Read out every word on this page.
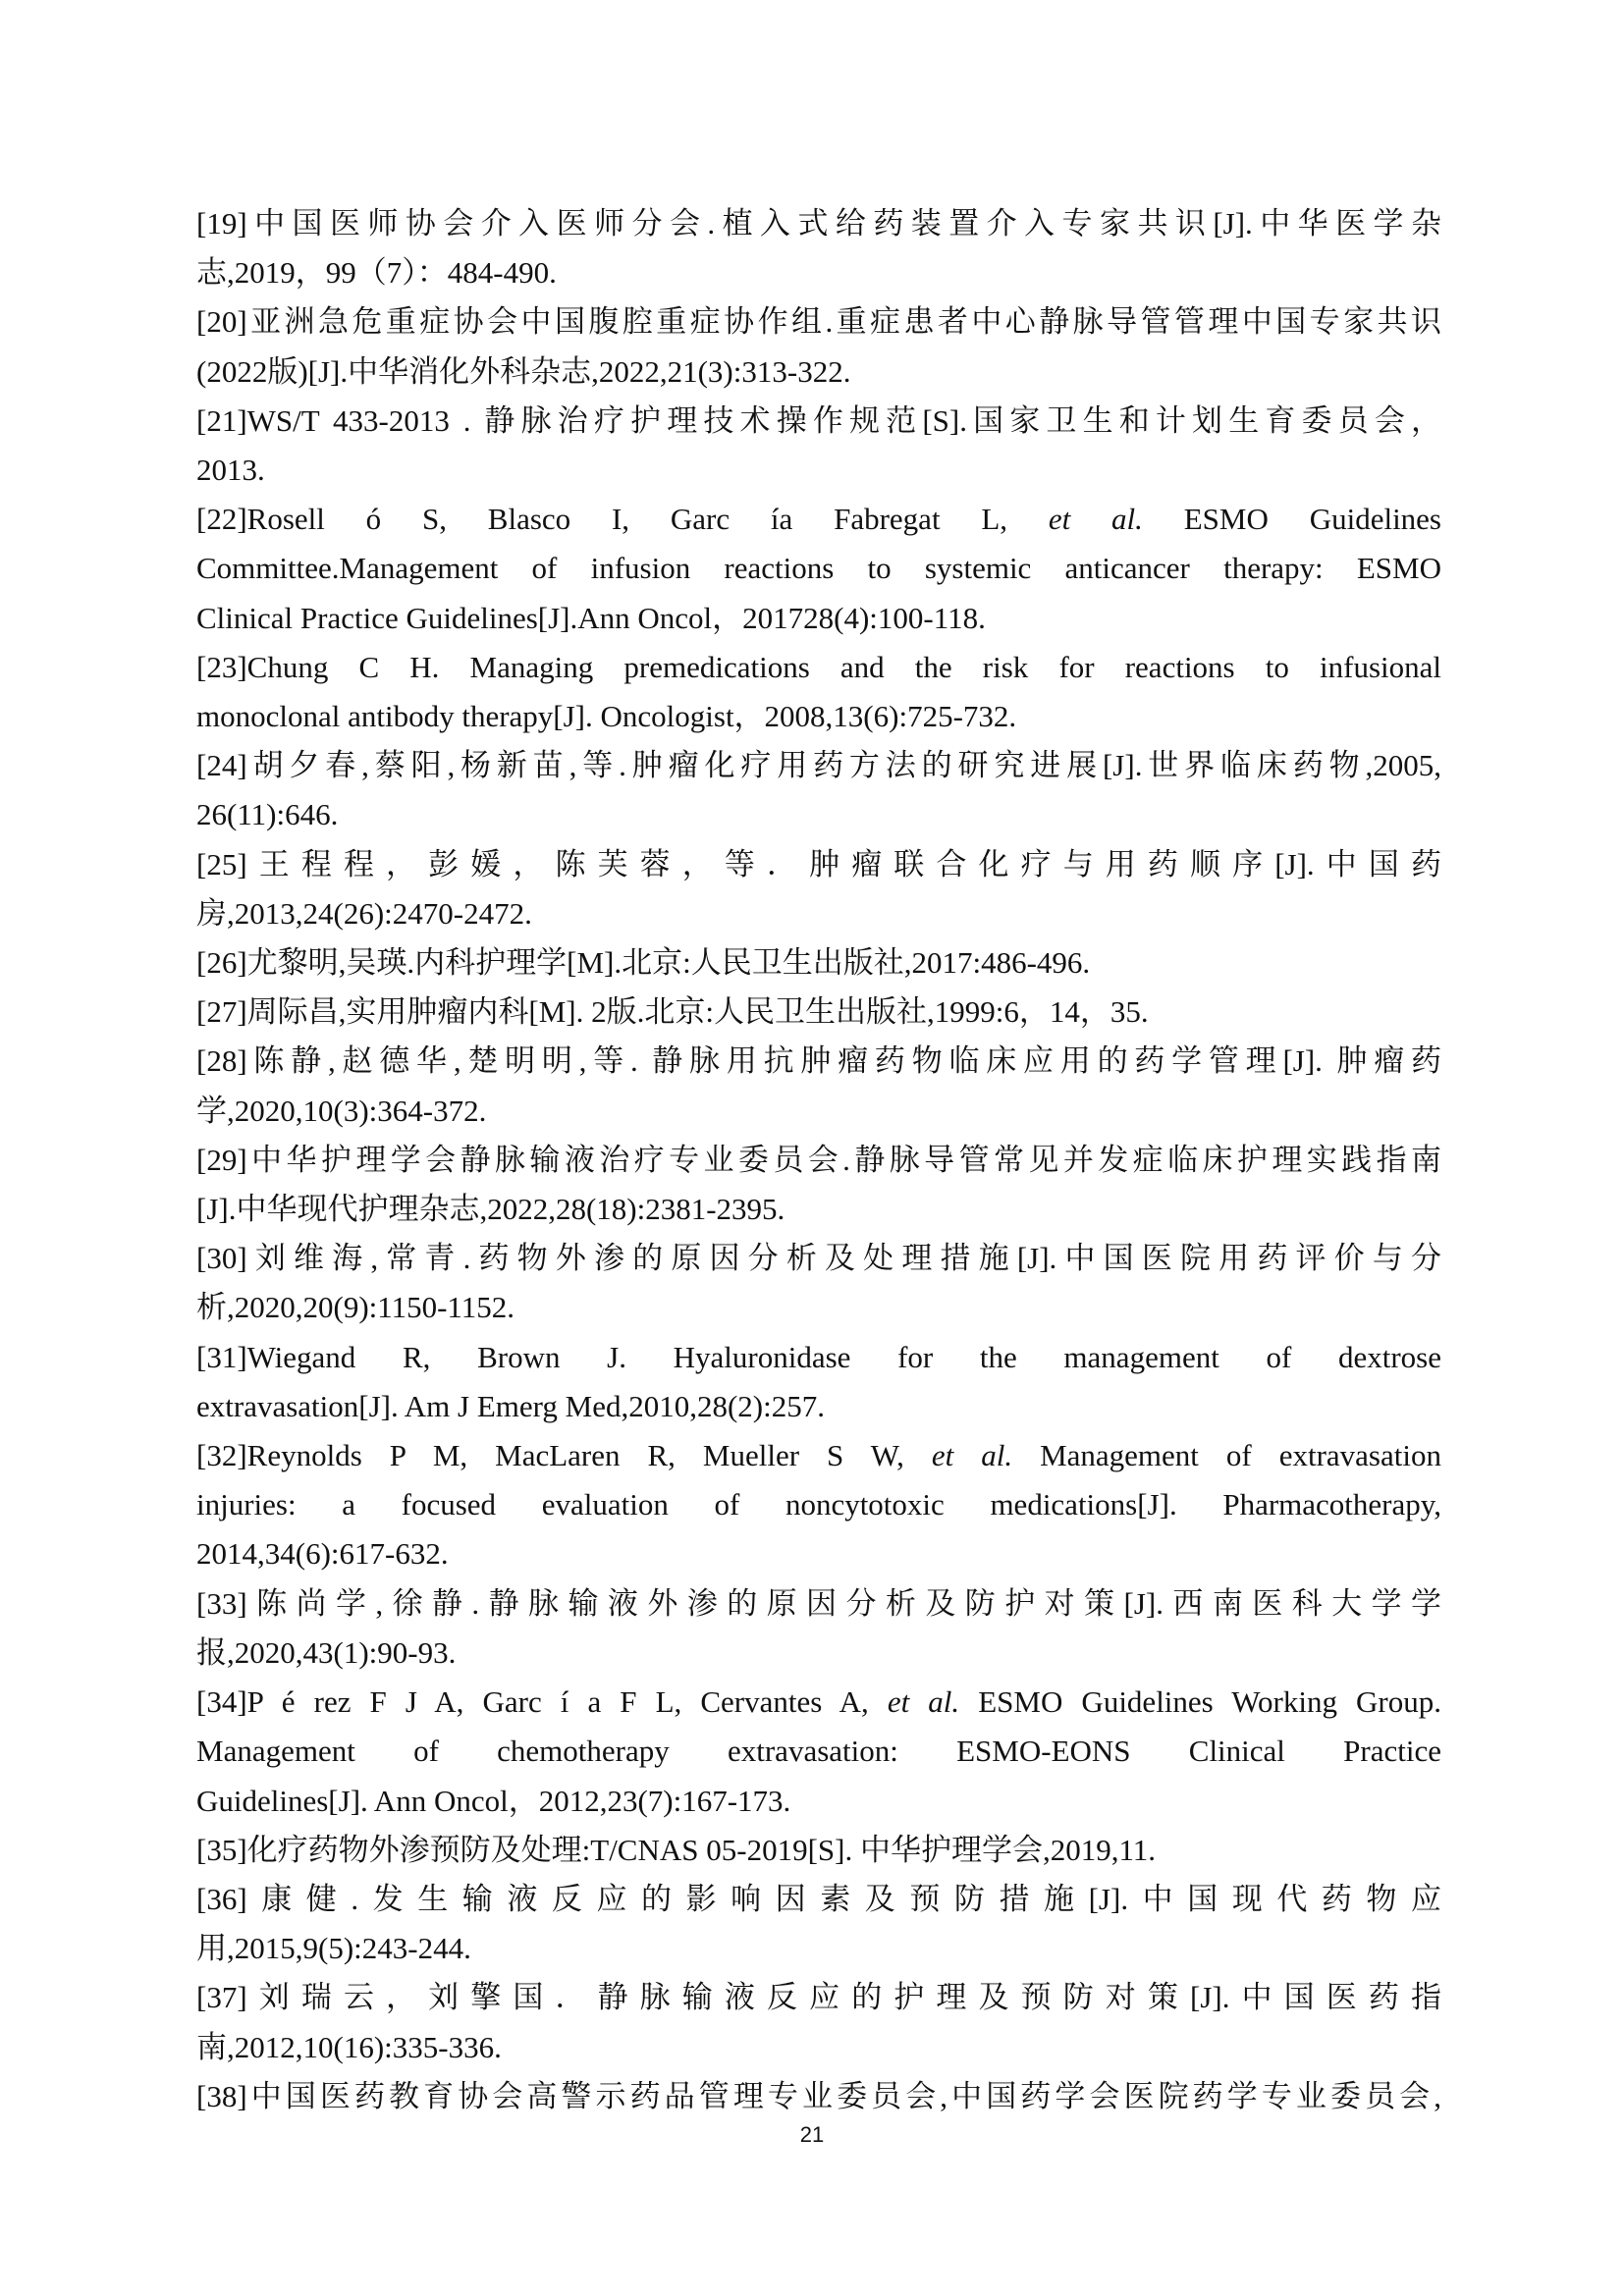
[19]中国医师协会介入医师分会.植入式给药装置介入专家共识[J].中华医学杂
志,2019，99（7）：484-490.
[20]亚洲急危重症协会中国腹腔重症协作组.重症患者中心静脉导管管理中国专家共识
(2022版)[J].中华消化外科杂志,2022,21(3):313-322.
[21]WS/T 433-2013 . 静脉治疗护理技术操作规范[S].国家卫生和计划生育委员会，
2013.
[22]Rosell ó S, Blasco I, Garc ía Fabregat L, et al. ESMO Guidelines
Committee.Management of infusion reactions to systemic anticancer therapy: ESMO
Clinical Practice Guidelines[J].Ann Oncol，201728(4):100-118.
[23]Chung C H. Managing premedications and the risk for reactions to infusional
monoclonal antibody therapy[J]. Oncologist，2008,13(6):725-732.
[24]胡夕春,蔡阳,杨新苗,等.肿瘤化疗用药方法的研究进展[J].世界临床药物,2005,
26(11):646.
[25]王程程，彭媛，陈芙蓉，等．肿瘤联合化疗与用药顺序[J].中国药
房,2013,24(26):2470-2472.
[26]尤黎明,吴瑛.内科护理学[M].北京:人民卫生出版社,2017:486-496.
[27]周际昌,实用肿瘤内科[M]. 2版.北京:人民卫生出版社,1999:6，14，35.
[28]陈静,赵德华,楚明明,等. 静脉用抗肿瘤药物临床应用的药学管理[J]. 肿瘤药
学,2020,10(3):364-372.
[29]中华护理学会静脉输液治疗专业委员会.静脉导管常见并发症临床护理实践指南
[J].中华现代护理杂志,2022,28(18):2381-2395.
[30]刘维海,常青.药物外渗的原因分析及处理措施[J].中国医院用药评价与分
析,2020,20(9):1150-1152.
[31]Wiegand R, Brown J. Hyaluronidase for the management of dextrose
extravasation[J]. Am J Emerg Med,2010,28(2):257.
[32]Reynolds P M, MacLaren R, Mueller S W, et al. Management of extravasation
injuries: a focused evaluation of noncytotoxic medications[J]. Pharmacotherapy,
2014,34(6):617-632.
[33]陈尚学,徐静.静脉输液外渗的原因分析及防护对策[J].西南医科大学学
报,2020,43(1):90-93.
[34]P é rez F J A, Garc í a F L, Cervantes A, et al. ESMO Guidelines Working Group.
Management of chemotherapy extravasation: ESMO-EONS Clinical Practice
Guidelines[J]. Ann Oncol，2012,23(7):167-173.
[35]化疗药物外渗预防及处理:T/CNAS 05-2019[S]. 中华护理学会,2019,11.
[36]康健.发生输液反应的影响因素及预防措施[J].中国现代药物应
用,2015,9(5):243-244.
[37]刘瑞云，刘擎国．静脉输液反应的护理及预防对策[J].中国医药指
南,2012,10(16):335-336.
[38]中国医药教育协会高警示药品管理专业委员会,中国药学会医院药学专业委员会,
21
